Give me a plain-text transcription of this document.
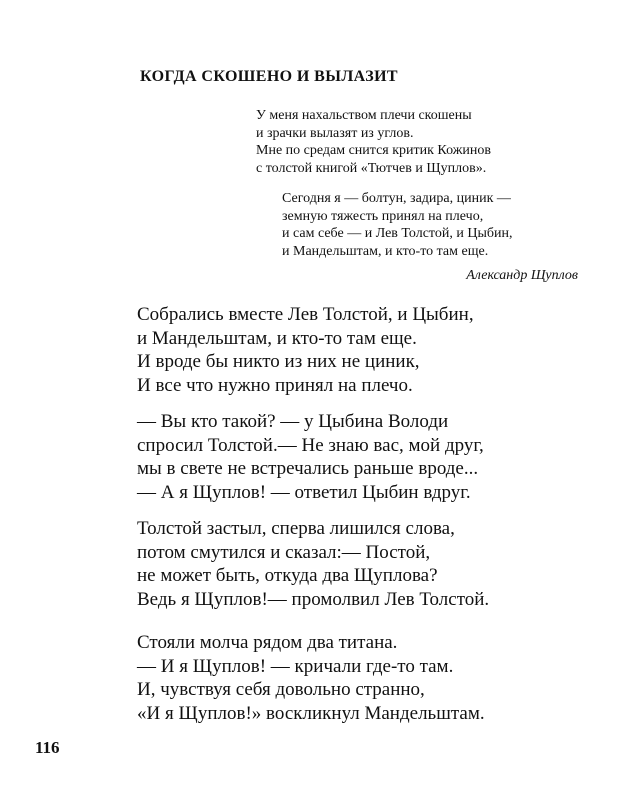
КОГДА СКОШЕНО И ВЫЛАЗИТ
У меня нахальством плечи скошены
и зрачки вылазят из углов.
Мне по средам снится критик Кожинов
с толстой книгой «Тютчев и Щуплов».
Сегодня я — болтун, задира, циник —
земную тяжесть принял на плечо,
и сам себе — и Лев Толстой, и Цыбин,
и Мандельштам, и кто-то там еще.
Александр Щуплов
Собрались вместе Лев Толстой, и Цыбин,
и Мандельштам, и кто-то там еще.
И вроде бы никто из них не циник,
И все что нужно принял на плечо.
— Вы кто такой? — у Цыбина Володи
спросил Толстой.— Не знаю вас, мой друг,
мы в свете не встречались раньше вроде...
— А я Щуплов! — ответил Цыбин вдруг.
Толстой застыл, сперва лишился слова,
потом смутился и сказал:— Постой,
не может быть, откуда два Щуплова?
Ведь я Щуплов!— промолвил Лев Толстой.
Стояли молча рядом два титана.
— И я Щуплов! — кричали где-то там.
И, чувствуя себя довольно странно,
«И я Щуплов!» воскликнул Мандельштам.
116
